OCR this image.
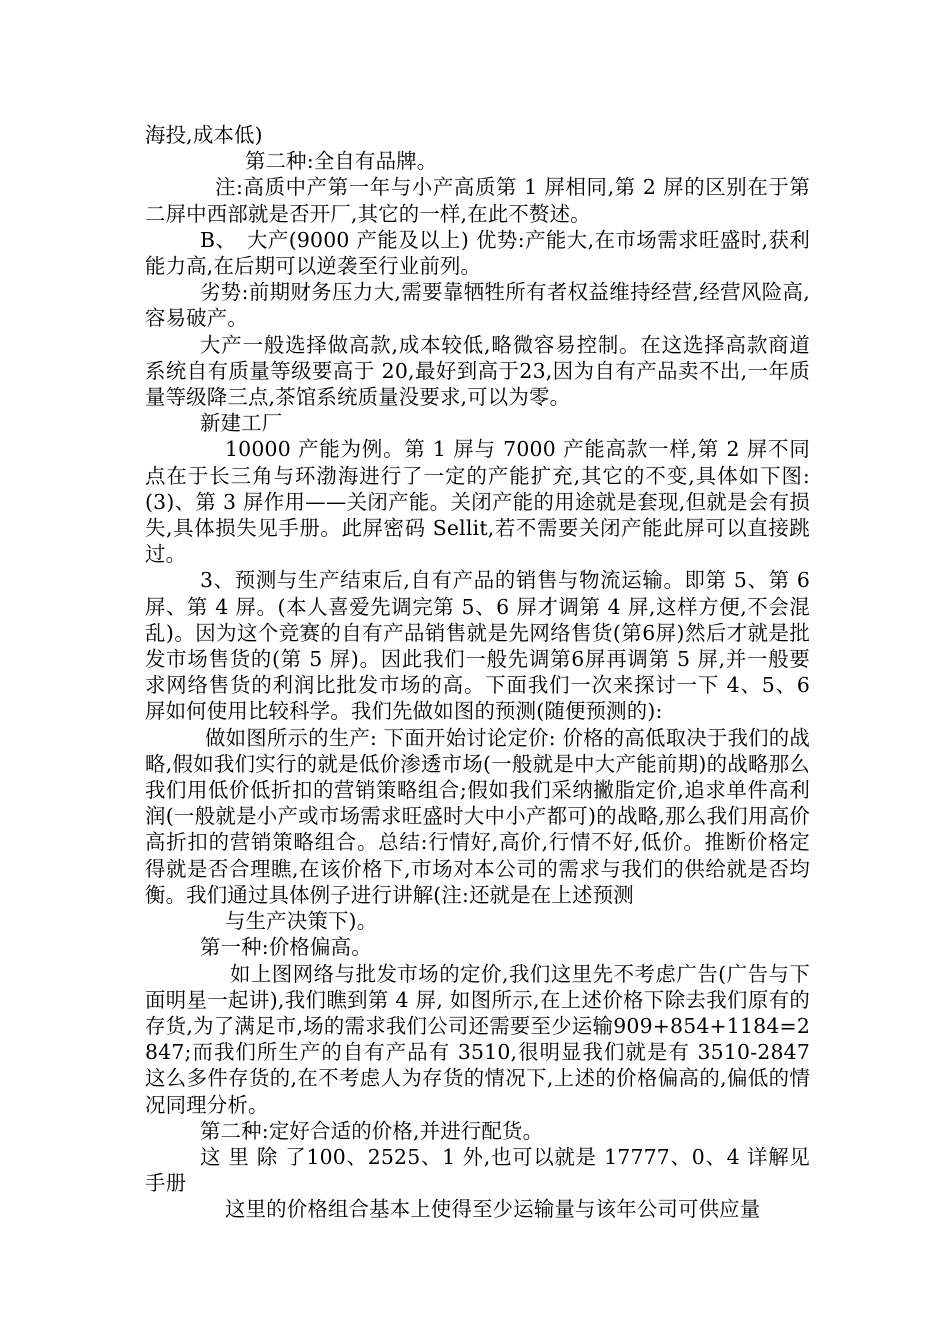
海投,成本低)

第二种:全自有品牌。

注:高质中产第一年与小产高质第 1 屏相同,第 2 屏的区别在于第二屏中西部就是否开厂,其它的一样,在此不赘述。

B、　大产(9000 产能及以上) 优势:产能大,在市场需求旺盛时,获利能力高,在后期可以逆袭至行业前列。

劣势:前期财务压力大,需要靠牺牲所有者权益维持经营,经营风险高,容易破产。

大产一般选择做高款,成本较低,略微容易控制。在这选择高款商道系统自有质量等级要高于 20,最好到高于23,因为自有产品卖不出,一年质量等级降三点,茶馆系统质量没要求,可以为零。

新建工厂

10000 产能为例。第 1 屏与 7000 产能高款一样,第 2 屏不同点在于长三角与环渤海进行了一定的产能扩充,其它的不变,具体如下图: (3)、第 3 屏作用——关闭产能。关闭产能的用途就是套现,但就是会有损失,具体损失见手册。此屏密码 Sellit,若不需要关闭产能此屏可以直接跳过。

3、预测与生产结束后,自有产品的销售与物流运输。即第 5、第 6屏、第 4 屏。(本人喜爱先调完第 5、6 屏才调第 4 屏,这样方便,不会混乱)。因为这个竞赛的自有产品销售就是先网络售货(第6屏)然后才就是批发市场售货的(第 5 屏)。因此我们一般先调第6屏再调第 5 屏,并一般要求网络售货的利润比批发市场的高。下面我们一次来探讨一下 4、5、6 屏如何使用比较科学。我们先做如图的预测(随便预测的):

做如图所示的生产: 下面开始讨论定价: 价格的高低取决于我们的战略,假如我们实行的就是低价渗透市场(一般就是中大产能前期)的战略那么我们用低价低折扣的营销策略组合;假如我们采纳撇脂定价,追求单件高利润(一般就是小产或市场需求旺盛时大中小产都可)的战略,那么我们用高价高折扣的营销策略组合。总结:行情好,高价,行情不好,低价。推断价格定得就是否合理瞧,在该价格下,市场对本公司的需求与我们的供给就是否均衡。我们通过具体例子进行讲解(注:还就是在上述预测

与生产决策下)。

第一种:价格偏高。

如上图网络与批发市场的定价,我们这里先不考虑广告(广告与下面明星一起讲),我们瞧到第 4 屏, 如图所示,在上述价格下除去我们原有的存货,为了满足市,场的需求我们公司还需要至少运输909+854+1184=2847;而我们所生产的自有产品有 3510,很明显我们就是有 3510-2847 这么多件存货的,在不考虑人为存货的情况下,上述的价格偏高的,偏低的情况同理分析。

第二种:定好合适的价格,并进行配货。

这 里 除 了100、2525、1 外,也可以就是 17777、0、4 详解见手册

这里的价格组合基本上使得至少运输量与该年公司可供应量
